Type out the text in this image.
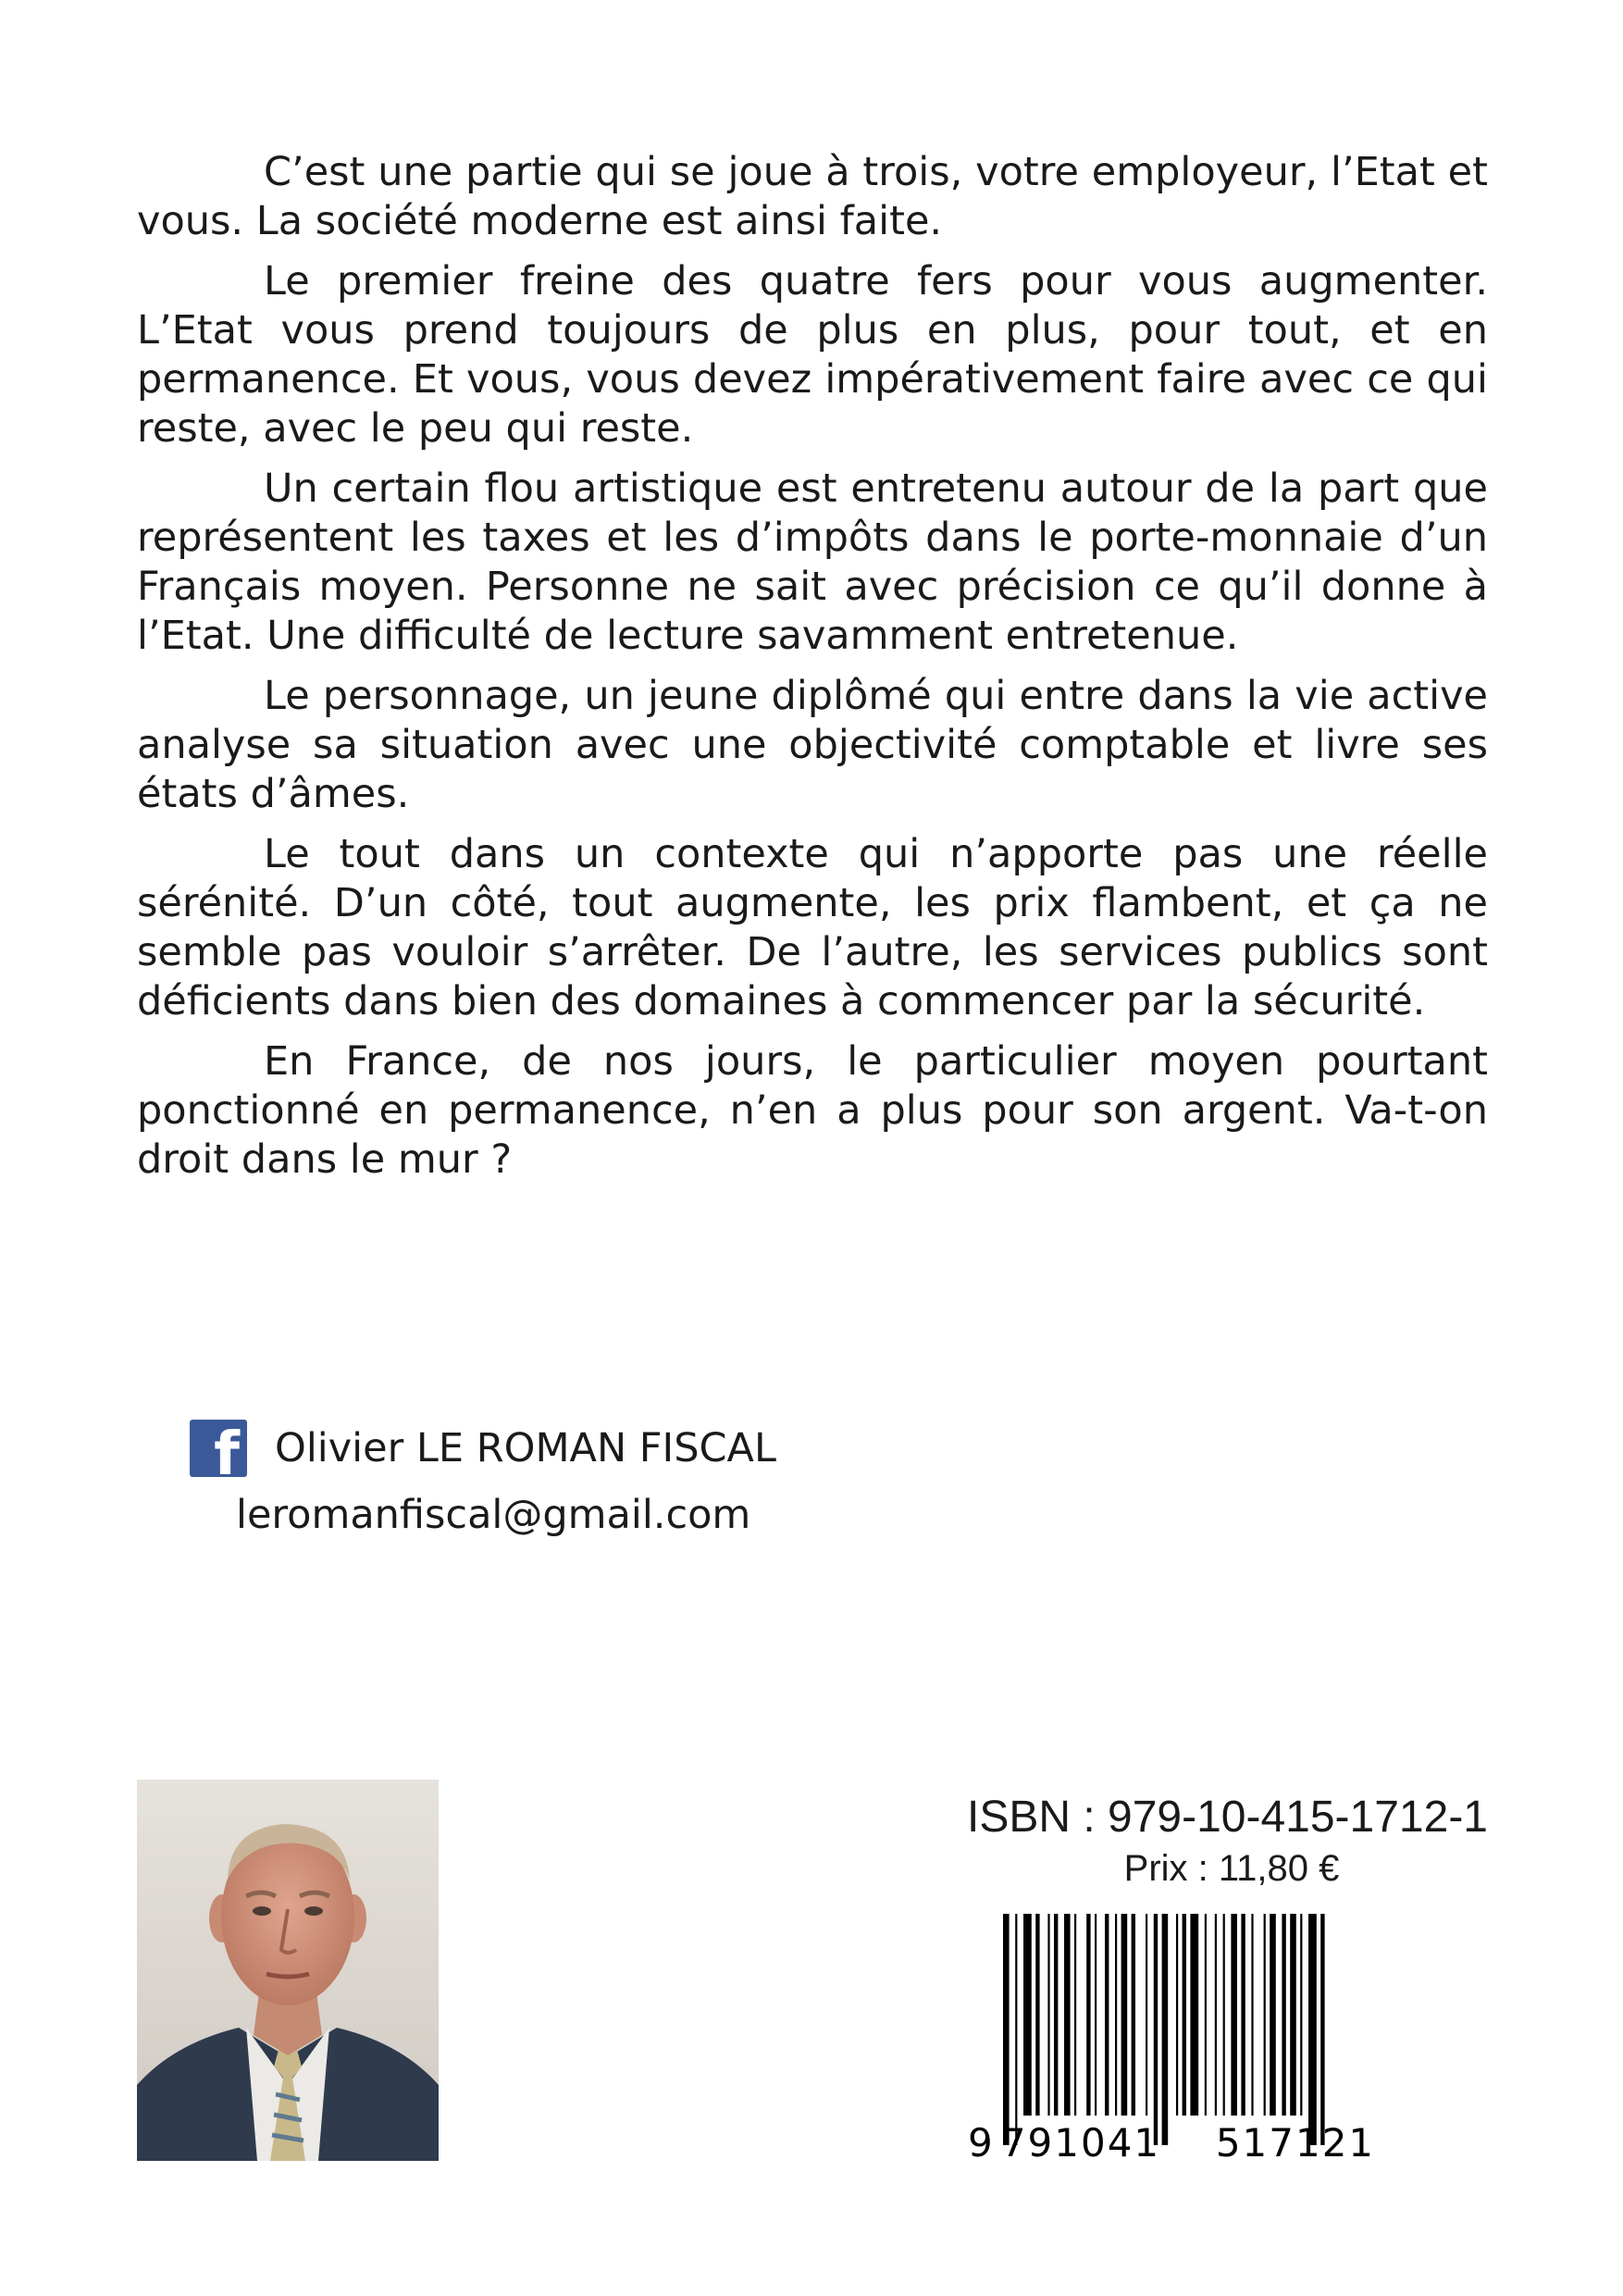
C’est une partie qui se joue à trois, votre employeur, l’Etat et vous. La société moderne est ainsi faite.

Le premier freine des quatre fers pour vous augmenter. L’Etat vous prend toujours de plus en plus, pour tout, et en permanence. Et vous, vous devez impérativement faire avec ce qui reste, avec le peu qui reste.

Un certain flou artistique est entretenu autour de la part que représentent les taxes et les d’impôts dans le porte-monnaie d’un Français moyen. Personne ne sait avec précision ce qu’il donne à l’Etat. Une difficulté de lecture savamment entretenue.

Le personnage, un jeune diplômé qui entre dans la vie active analyse sa situation avec une objectivité comptable et livre ses états d’âmes.

Le tout dans un contexte qui n’apporte pas une réelle sérénité. D’un côté, tout augmente, les prix flambent, et ça ne semble pas vouloir s’arrêter. De l’autre, les services publics sont déficients dans bien des domaines à commencer par la sécurité.

En France, de nos jours, le particulier moyen pourtant ponctionné en permanence, n’en a plus pour son argent. Va-t-on droit dans le mur ?

f Olivier LE ROMAN FISCAL
leromanfiscal@gmail.com
ISBN : 979-10-415-1712-1
Prix : 11,80 €
9 791041 517121
